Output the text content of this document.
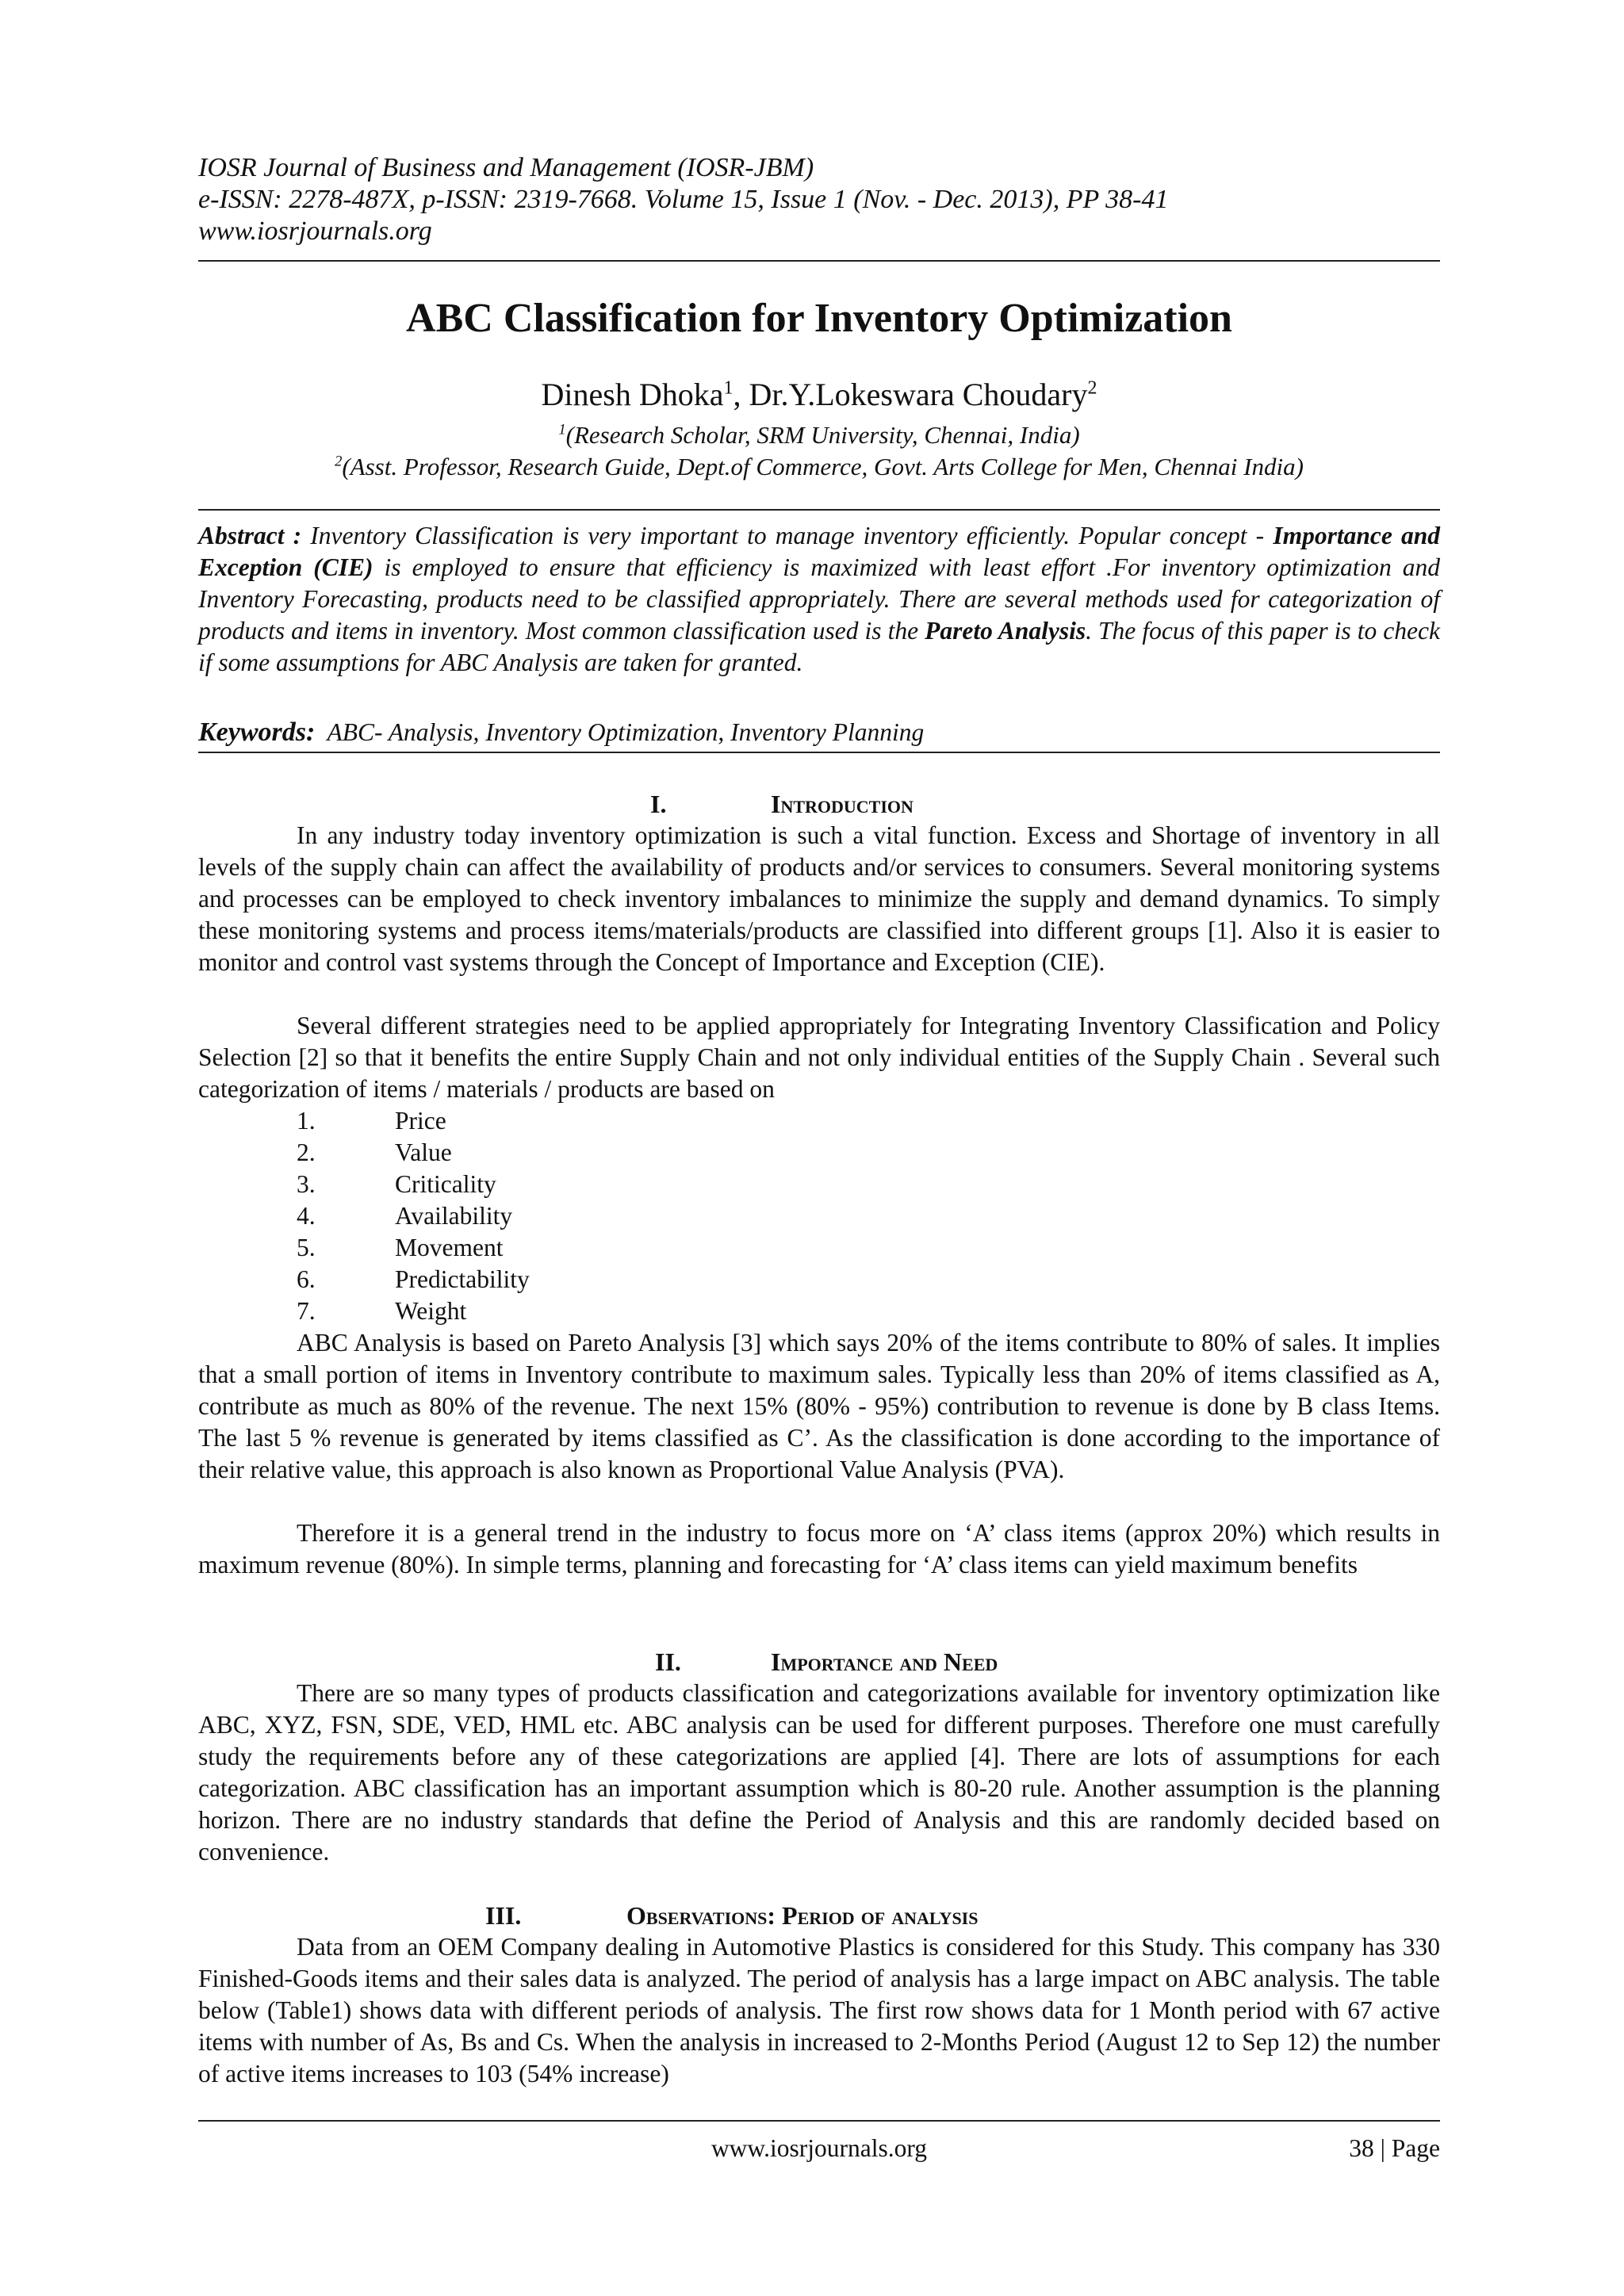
IOSR Journal of Business and Management (IOSR-JBM)
e-ISSN: 2278-487X, p-ISSN: 2319-7668. Volume 15, Issue 1 (Nov. - Dec. 2013), PP 38-41
www.iosrjournals.org
ABC Classification for Inventory Optimization
Dinesh Dhoka$^1$, Dr.Y.Lokeswara Choudary$^2$
$^1$(Research Scholar, SRM University, Chennai, India)
$^2$(Asst. Professor, Research Guide, Dept.of Commerce, Govt. Arts College for Men, Chennai India)
Abstract : Inventory Classification is very important to manage inventory efficiently. Popular concept - Importance and Exception (CIE) is employed to ensure that efficiency is maximized with least effort .For inventory optimization and Inventory Forecasting, products need to be classified appropriately. There are several methods used for categorization of products and items in inventory. Most common classification used is the Pareto Analysis. The focus of this paper is to check if some assumptions for ABC Analysis are taken for granted.
Keywords: ABC- Analysis, Inventory Optimization, Inventory Planning
I.	Introduction
In any industry today inventory optimization is such a vital function. Excess and Shortage of inventory in all levels of the supply chain can affect the availability of products and/or services to consumers. Several monitoring systems and processes can be employed to check inventory imbalances to minimize the supply and demand dynamics. To simply these monitoring systems and process items/materials/products are classified into different groups [1]. Also it is easier to monitor and control vast systems through the Concept of Importance and Exception (CIE).
Several different strategies need to be applied appropriately for Integrating Inventory Classification and Policy Selection [2] so that it benefits the entire Supply Chain and not only individual entities of the Supply Chain . Several such categorization of items / materials / products are based on
1.	Price
2.	Value
3.	Criticality
4.	Availability
5.	Movement
6.	Predictability
7.	Weight
ABC Analysis is based on Pareto Analysis [3] which says 20% of the items contribute to 80% of sales. It implies that a small portion of items in Inventory contribute to maximum sales. Typically less than 20% of items classified as A, contribute as much as 80% of the revenue. The next 15% (80% - 95%) contribution to revenue is done by B class Items. The last 5 % revenue is generated by items classified as C’. As the classification is done according to the importance of their relative value, this approach is also known as Proportional Value Analysis (PVA).
Therefore it is a general trend in the industry to focus more on ‘A’ class items (approx 20%) which results in maximum revenue (80%). In simple terms, planning and forecasting for ‘A’ class items can yield maximum benefits
II.	Importance and Need
There are so many types of products classification and categorizations available for inventory optimization like ABC, XYZ, FSN, SDE, VED, HML etc. ABC analysis can be used for different purposes. Therefore one must carefully study the requirements before any of these categorizations are applied [4]. There are lots of assumptions for each categorization. ABC classification has an important assumption which is 80-20 rule. Another assumption is the planning horizon. There are no industry standards that define the Period of Analysis and this are randomly decided based on convenience.
III.	Observations: Period of analysis
Data from an OEM Company dealing in Automotive Plastics is considered for this Study. This company has 330 Finished-Goods items and their sales data is analyzed. The period of analysis has a large impact on ABC analysis. The table below (Table1) shows data with different periods of analysis. The first row shows data for 1 Month period with 67 active items with number of As, Bs and Cs. When the analysis in increased to 2-Months Period (August 12 to Sep 12) the number of active items increases to 103 (54% increase)
www.iosrjournals.org	38 | Page
